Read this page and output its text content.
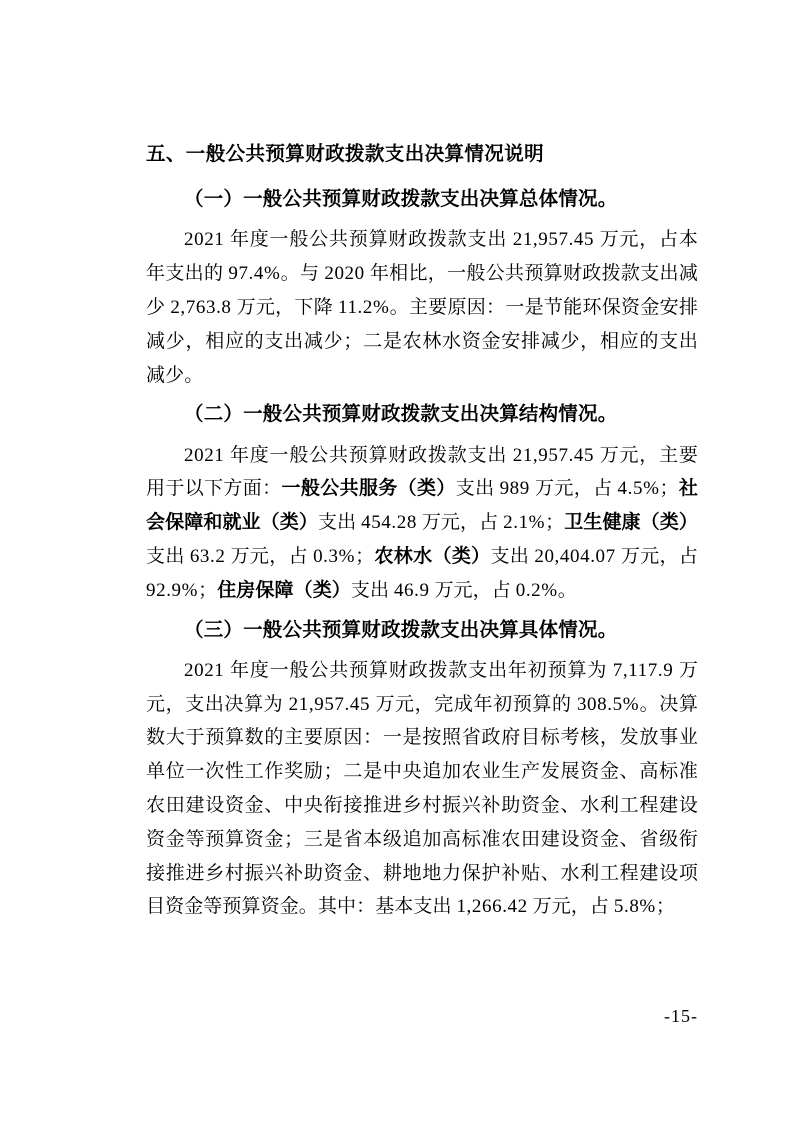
五、一般公共预算财政拨款支出决算情况说明
（一）一般公共预算财政拨款支出决算总体情况。

2021 年度一般公共预算财政拨款支出 21,957.45 万元，占本年支出的 97.4%。与 2020 年相比，一般公共预算财政拨款支出减少 2,763.8 万元，下降 11.2%。主要原因：一是节能环保资金安排减少，相应的支出减少；二是农林水资金安排减少，相应的支出减少。

（二）一般公共预算财政拨款支出决算结构情况。

2021 年度一般公共预算财政拨款支出 21,957.45 万元，主要用于以下方面：一般公共服务（类）支出 989 万元，占 4.5%；社会保障和就业（类）支出 454.28 万元，占 2.1%；卫生健康（类）支出 63.2 万元，占 0.3%；农林水（类）支出 20,404.07 万元，占 92.9%；住房保障（类）支出 46.9 万元，占 0.2%。

（三）一般公共预算财政拨款支出决算具体情况。

2021 年度一般公共预算财政拨款支出年初预算为 7,117.9 万元，支出决算为 21,957.45 万元，完成年初预算的 308.5%。决算数大于预算数的主要原因：一是按照省政府目标考核，发放事业单位一次性工作奖励；二是中央追加农业生产发展资金、高标准农田建设资金、中央衔接推进乡村振兴补助资金、水利工程建设资金等预算资金；三是省本级追加高标准农田建设资金、省级衔接推进乡村振兴补助资金、耕地地力保护补贴、水利工程建设项目资金等预算资金。其中：基本支出 1,266.42 万元，占 5.8%；

-15-
